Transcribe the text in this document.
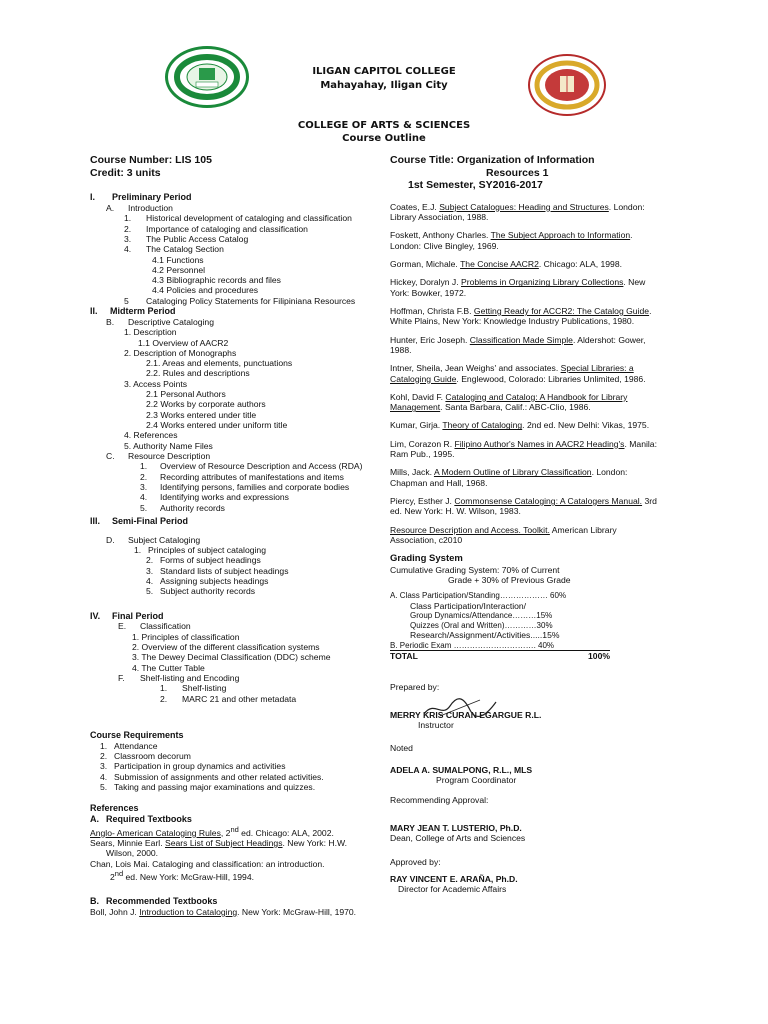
ILIGAN CAPITOL COLLEGE
Mahayahay, Iligan City
COLLEGE OF ARTS & SCIENCES
Course Outline
Course Number: LIS 105
Credit: 3 units
I.	Preliminary Period
A.	Introduction
1.	Historical development of cataloging and classification
2.	Importance of cataloging and classification
3.	The Public Access Catalog
4.	The Catalog Section
4.1 Functions
4.2 Personnel
4.3 Bibliographic records and files
4.4 Policies and procedures
5	Cataloging Policy Statements for Filipiniana Resources
II.	Midterm Period
B.	Descriptive Cataloging
1. Description
1.1 Overview of AACR2
2. Description of Monographs
2.1. Areas and elements, punctuations
2.2. Rules and descriptions
3. Access Points
2.1 Personal Authors
2.2 Works by corporate authors
2.3 Works entered under title
2.4 Works entered under uniform title
4. References
5. Authority Name Files
C.	Resource Description
1.	Overview of Resource Description and Access (RDA)
2.	Recording attributes of manifestations and items
3.	Identifying persons, families and corporate bodies
4.	Identifying works and expressions
5.	Authority records
III.	Semi-Final Period
D.	Subject Cataloging
1. Principles of subject cataloging
2. Forms of subject headings
3. Standard lists of subject headings
4. Assigning subjects headings
5. Subject authority records
IV.	Final Period
E.	Classification
1. Principles of classification
2. Overview of the different classification systems
3. The Dewey Decimal Classification (DDC) scheme
4. The Cutter Table
F.	Shelf-listing and Encoding
1.	Shelf-listing
2.	MARC 21 and other metadata
Course Requirements
1. Attendance
2. Classroom decorum
3. Participation in group dynamics and activities
4. Submission of assignments and other related activities.
5. Taking and passing major examinations and quizzes.
References
A. Required Textbooks
Anglo- American Cataloging Rules, 2nd ed. Chicago: ALA, 2002.
Sears, Minnie Earl. Sears List of Subject Headings. New York: H.W. Wilson, 2000.
Chan, Lois Mai. Cataloging and classification: an introduction.
2nd ed. New York: McGraw-Hill, 1994.
B. Recommended Textbooks
Boll, John J. Introduction to Cataloging. New York: McGraw-Hill, 1970.
Course Title: Organization of Information
Resources 1
1st Semester, SY2016-2017
Coates, E.J. Subject Catalogues: Heading and Structures. London: Library Association, 1988.
Foskett, Anthony Charles. The Subject Approach to Information. London: Clive Bingley, 1969.
Gorman, Michale. The Concise AACR2. Chicago: ALA, 1998.
Hickey, Doralyn J. Problems in Organizing Library Collections. New York: Bowker, 1972.
Hoffman, Christa F.B. Getting Ready for ACCR2: The Catalog Guide. White Plains, New York: Knowledge Industry Publications, 1980.
Hunter, Eric Joseph. Classification Made Simple. Aldershot: Gower, 1988.
Intner, Sheila, Jean Weighs' and associates. Special Libraries: a Cataloging Guide. Englewood, Colorado: Libraries Unlimited, 1986.
Kohl, David F. Cataloging and Catalog: A Handbook for Library Management. Santa Barbara, Calif.: ABC-Clio, 1986.
Kumar, Girja. Theory of Cataloging. 2nd ed. New Delhi: Vikas, 1975.
Lim, Corazon R. Filipino Author's Names in AACR2 Heading's. Manila: Ram Pub., 1995.
Mills, Jack. A Modern Outline of Library Classification. London: Chapman and Hall, 1968.
Piercy, Esther J. Commonsense Cataloging: A Catalogers Manual. 3rd ed. New York: H. W. Wilson, 1983.
Resource Description and Access. Toolkit. American Library Association, c2010
Grading System
Cumulative Grading System: 70% of Current
Grade + 30% of Previous Grade
A. Class Participation/Standing……………… 60%
Class Participation/Interaction/
Group Dynamics/Attendance………15%
Quizzes (Oral and Written)…………30%
Research/Assignment/Activities.....15%
B. Periodic Exam …………………………. 40%
TOTAL	100%
Prepared by:
MERRY KRIS CURAN EGARGUE R.L.
Instructor
Noted
ADELA A. SUMALPONG, R.L., MLS
Program Coordinator
Recommending Approval:
MARY JEAN T. LUSTERIO, Ph.D.
Dean, College of Arts and Sciences
Approved by:
RAY VINCENT E. ARAÑA, Ph.D.
Director for Academic Affairs
